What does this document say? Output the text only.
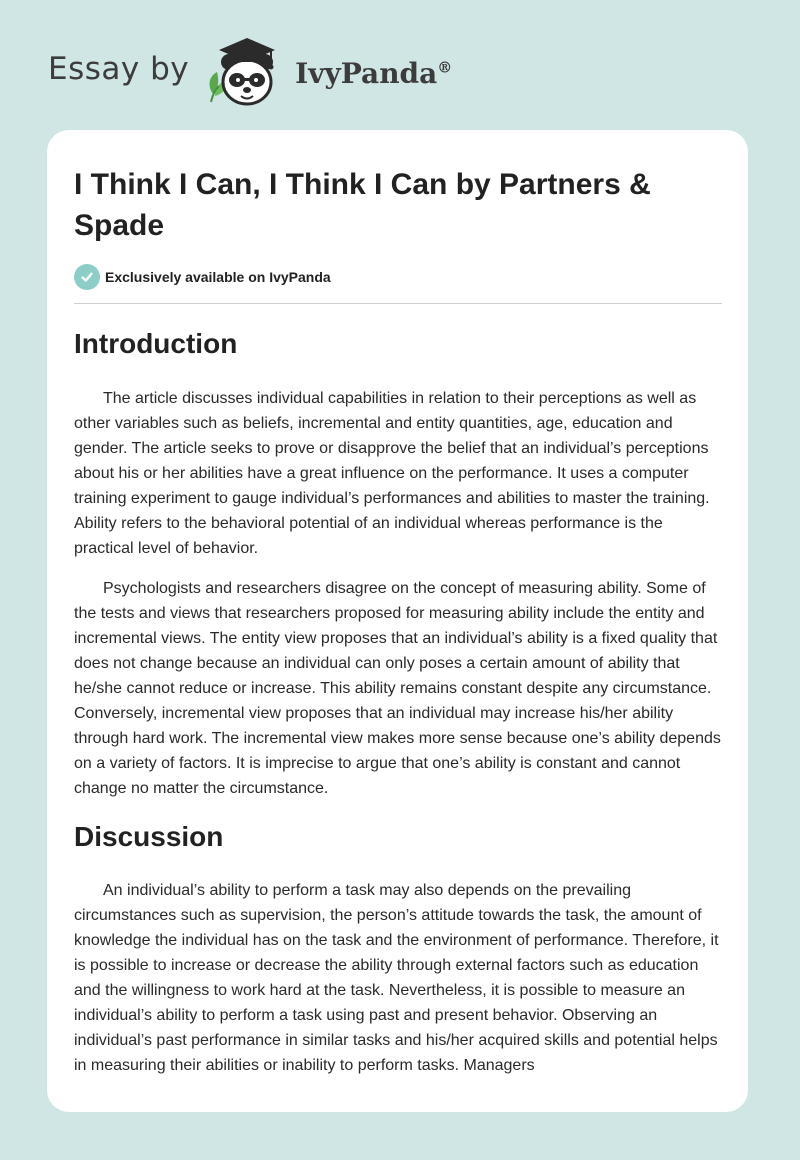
Essay by	IvyPanda®
I Think I Can, I Think I Can by Partners & Spade
Exclusively available on IvyPanda
Introduction

The article discusses individual capabilities in relation to their perceptions as well as other variables such as beliefs, incremental and entity quantities, age, education and gender. The article seeks to prove or disapprove the belief that an individual’s perceptions about his or her abilities have a great influence on the performance. It uses a computer training experiment to gauge individual’s performances and abilities to master the training. Ability refers to the behavioral potential of an individual whereas performance is the practical level of behavior.

Psychologists and researchers disagree on the concept of measuring ability. Some of the tests and views that researchers proposed for measuring ability include the entity and incremental views. The entity view proposes that an individual’s ability is a fixed quality that does not change because an individual can only poses a certain amount of ability that he/she cannot reduce or increase. This ability remains constant despite any circumstance. Conversely, incremental view proposes that an individual may increase his/her ability through hard work. The incremental view makes more sense because one’s ability depends on a variety of factors. It is imprecise to argue that one’s ability is constant and cannot change no matter the circumstance.

Discussion

An individual’s ability to perform a task may also depends on the prevailing circumstances such as supervision, the person’s attitude towards the task, the amount of knowledge the individual has on the task and the environment of performance. Therefore, it is possible to increase or decrease the ability through external factors such as education and the willingness to work hard at the task. Nevertheless, it is possible to measure an individual’s ability to perform a task using past and present behavior. Observing an individual’s past performance in similar tasks and his/her acquired skills and potential helps in measuring their abilities or inability to perform tasks. Managers
